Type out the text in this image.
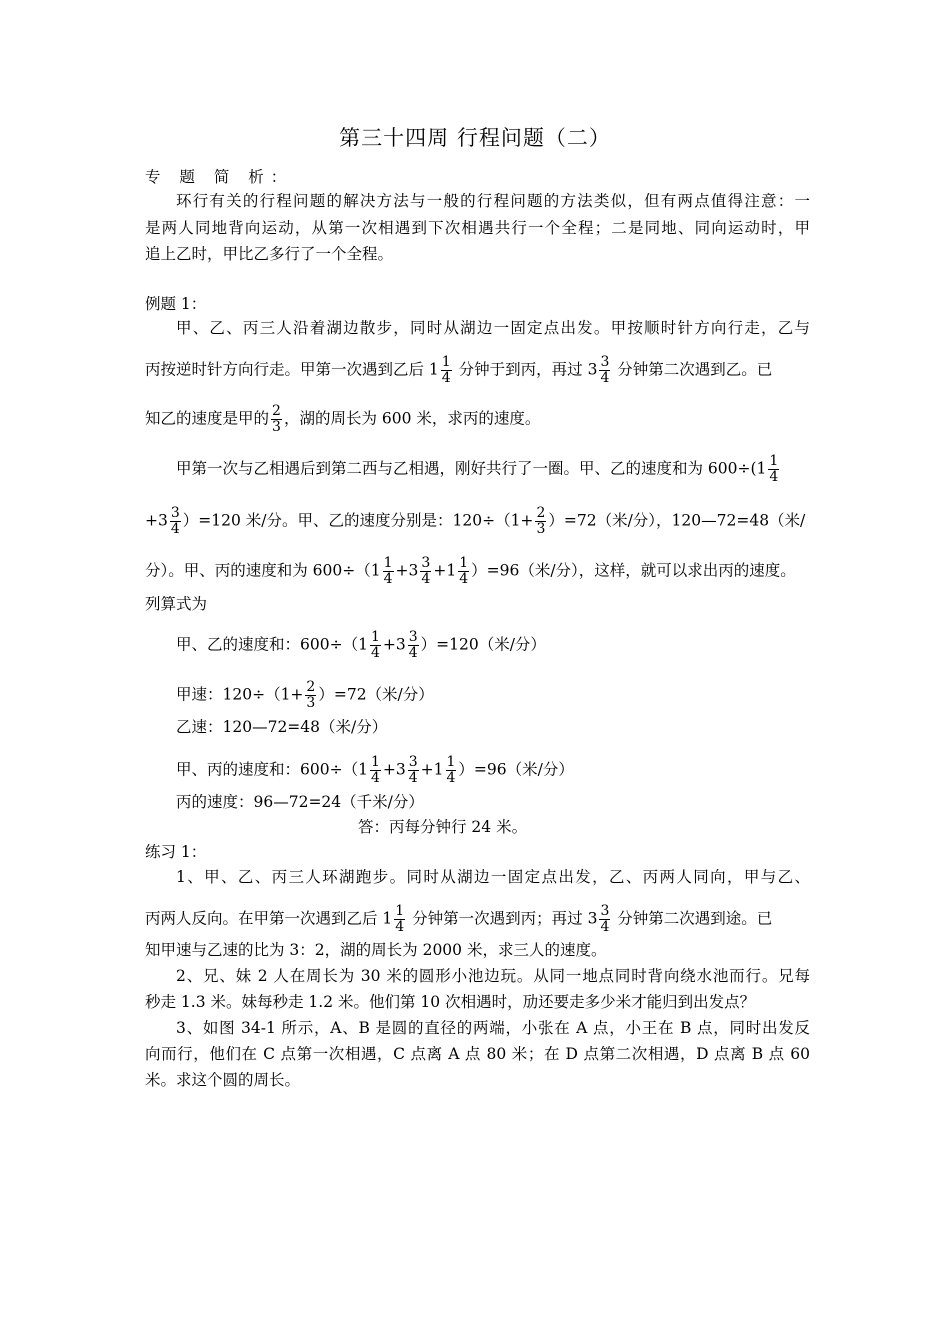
第三十四周 行程问题（二）
专 题 简 析：
环行有关的行程问题的解决方法与一般的行程问题的方法类似，但有两点值得注意：一
是两人同地背向运动，从第一次相遇到下次相遇共行一个全程；二是同地、同向运动时，甲
追上乙时，甲比乙多行了一个全程。
例题 1：
甲、乙、丙三人沿着湖边散步，同时从湖边一固定点出发。甲按顺时针方向行走，乙与
丙按逆时针方向行走。甲第一次遇到乙后 $1 \frac{1}{4}$ 分钟于到丙，再过 $3 \frac{3}{4}$ 分钟第二次遇到乙。已
知乙的速度是甲的 $\frac{2}{3}$ ，湖的周长为 600 米，求丙的速度。
甲第一次与乙相遇后到第二西与乙相遇，刚好共行了一圈。甲、乙的速度和为 $600\div(1 \frac{1}{4}$
$+3 \frac{3}{4} )=120$ 米/分。甲、乙的速度分别是：$120\div(1+ \frac{2}{3} )=72$（米/分），120—72=48（米/
分）。甲、丙的速度和为 $600\div(1 \frac{1}{4} +3 \frac{3}{4} +1 \frac{1}{4} )=96$（米/分），这样，就可以求出丙的速度。
列算式为
甲、乙的速度和：$600\div(1 \frac{1}{4} +3 \frac{3}{4} )=120$（米/分）
甲速：$120\div(1+ \frac{2}{3} )=72$（米/分）
乙速：120—72=48（米/分）
甲、丙的速度和：$600\div(1 \frac{1}{4} +3 \frac{3}{4} +1 \frac{1}{4} )=96$（米/分）
丙的速度：96—72=24（千米/分）
答：丙每分钟行 24 米。
练习 1：
1、甲、乙、丙三人环湖跑步。同时从湖边一固定点出发，乙、丙两人同向，甲与乙、
丙两人反向。在甲第一次遇到乙后 $1 \frac{1}{4}$ 分钟第一次遇到丙；再过 $3 \frac{3}{4}$ 分钟第二次遇到途。已
知甲速与乙速的比为 3：2，湖的周长为 2000 米，求三人的速度。
2、兄、妹 2 人在周长为 30 米的圆形小池边玩。从同一地点同时背向绕水池而行。兄每
秒走 1.3 米。妹每秒走 1.2 米。他们第 10 次相遇时，劢还要走多少米才能归到出发点？
3、如图 34-1 所示，A、B 是圆的直径的两端，小张在 A 点，小王在 B 点，同时出发反
向而行，他们在 C 点第一次相遇，C 点离 A 点 80 米；在 D 点第二次相遇，D 点离 B 点 60
米。求这个圆的周长。
